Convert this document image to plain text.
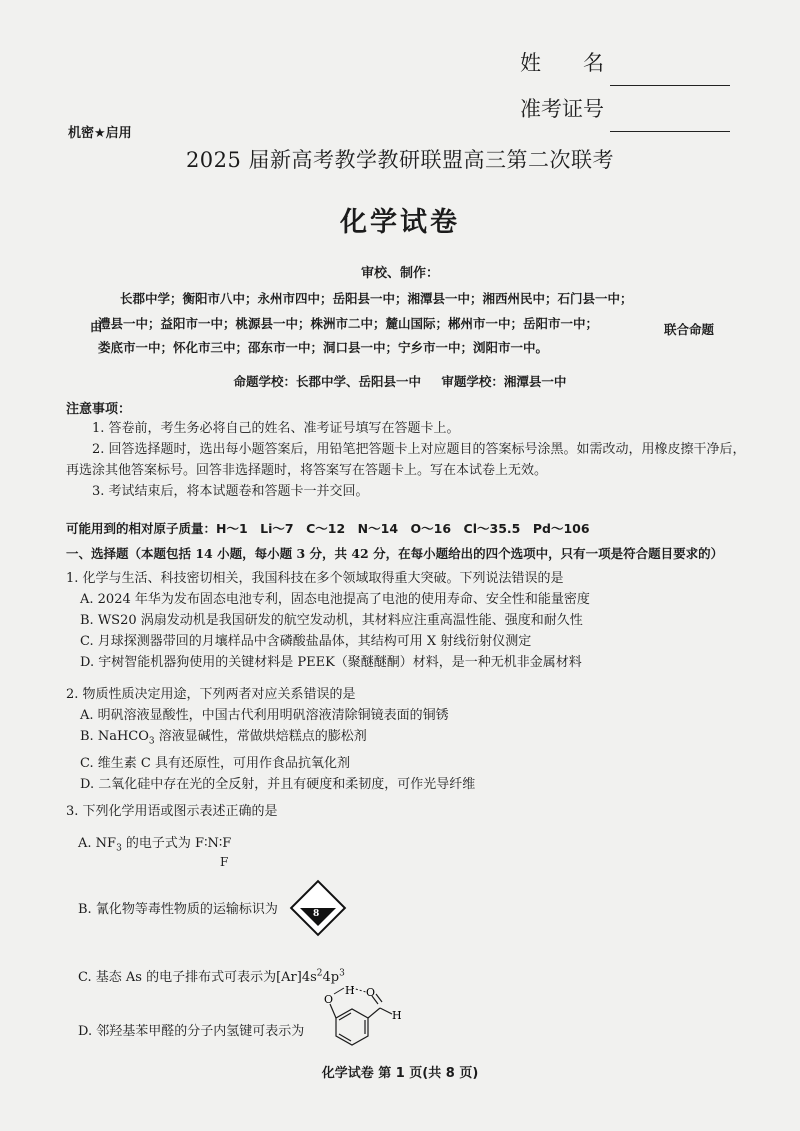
姓　　名
准考证号
机密★启用
2025 届新高考教学教研联盟高三第二次联考
化学试卷
审校、制作：
由
长郡中学；衡阳市八中；永州市四中；岳阳县一中；湘潭县一中；湘西州民中；石门县一中；
澧县一中；益阳市一中；桃源县一中；株洲市二中；麓山国际；郴州市一中；岳阳市一中；
娄底市一中；怀化市三中；邵东市一中；洞口县一中；宁乡市一中；浏阳市一中。
联合命题
命题学校：长郡中学、岳阳县一中 审题学校：湘潭县一中
注意事项：

1. 答卷前，考生务必将自己的姓名、准考证号填写在答题卡上。

2. 回答选择题时，选出每小题答案后，用铅笔把答题卡上对应题目的答案标号涂黑。如需改动，用橡皮擦干净后，再选涂其他答案标号。回答非选择题时，将答案写在答题卡上。写在本试卷上无效。

3. 考试结束后，将本试题卷和答题卡一并交回。

可能用到的相对原子质量：H～1　Li～7　C～12　N～14　O～16　Cl～35.5　Pd～106
一、选择题（本题包括 14 小题，每小题 3 分，共 42 分，在每小题给出的四个选项中，只有一项是符合题目要求的）
1. 化学与生活、科技密切相关，我国科技在多个领域取得重大突破。下列说法错误的是
A. 2024 年华为发布固态电池专利，固态电池提高了电池的使用寿命、安全性和能量密度
B. WS20 涡扇发动机是我国研发的航空发动机，其材料应注重高温性能、强度和耐久性
C. 月球探测器带回的月壤样品中含磷酸盐晶体，其结构可用 X 射线衍射仪测定
D. 宇树智能机器狗使用的关键材料是 PEEK（聚醚醚酮）材料，是一种无机非金属材料
2. 物质性质决定用途，下列两者对应关系错误的是
A. 明矾溶液显酸性，中国古代利用明矾溶液清除铜镜表面的铜锈
B. NaHCO$_3$ 溶液显碱性，常做烘焙糕点的膨松剂
C. 维生素 C 具有还原性，可用作食品抗氧化剂
D. 二氧化硅中存在光的全反射，并且有硬度和柔韧度，可作光导纤维
3. 下列化学用语或图示表述正确的是
A. $NF_3$ 的电子式为 F∶N∶F
F
B. 氰化物等毒性物质的运输标识为	8
C. 基态 As 的电子排布式可表示为$[Ar]4s^24p^3$
D. 邻羟基苯甲醛的分子内氢键可表示为
O
H O
H
化学试卷 第 1 页(共 8 页)
